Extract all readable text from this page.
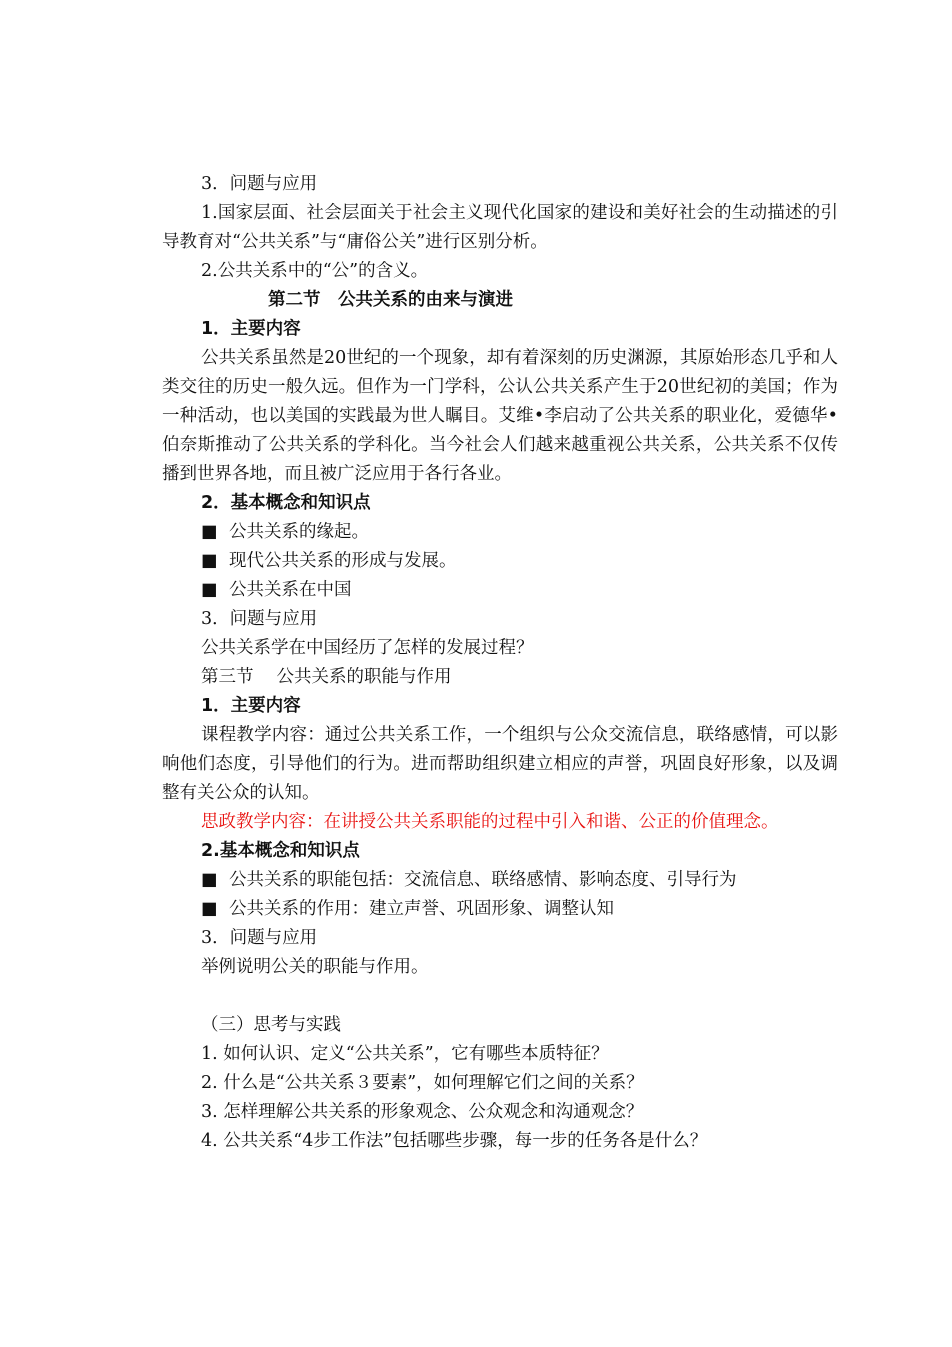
3．问题与应用

1.国家层面、社会层面关于社会主义现代化国家的建设和美好社会的生动描述的引导教育对“公共关系”与“庸俗公关”进行区别分析。

2.公共关系中的“公”的含义。

第二节　公共关系的由来与演进

1．主要内容

公共关系虽然是20世纪的一个现象，却有着深刻的历史渊源，其原始形态几乎和人类交往的历史一般久远。但作为一门学科，公认公共关系产生于20世纪初的美国；作为一种活动，也以美国的实践最为世人瞩目。艾维•李启动了公共关系的职业化，爱德华•伯奈斯推动了公共关系的学科化。当今社会人们越来越重视公共关系，公共关系不仅传播到世界各地，而且被广泛应用于各行各业。

2．基本概念和知识点

■ 公共关系的缘起。

■ 现代公共关系的形成与发展。

■ 公共关系在中国

3．问题与应用

公共关系学在中国经历了怎样的发展过程？

第三节　 公共关系的职能与作用

1．主要内容

课程教学内容：通过公共关系工作，一个组织与公众交流信息，联络感情，可以影响他们态度，引导他们的行为。进而帮助组织建立相应的声誉，巩固良好形象，以及调整有关公众的认知。

思政教学内容：在讲授公共关系职能的过程中引入和谐、公正的价值理念。

2.基本概念和知识点

■ 公共关系的职能包括：交流信息、联络感情、影响态度、引导行为

■ 公共关系的作用：建立声誉、巩固形象、调整认知

3．问题与应用

举例说明公关的职能与作用。

（三）思考与实践

1. 如何认识、定义“公共关系”，它有哪些本质特征？

2. 什么是“公共关系３要素”，如何理解它们之间的关系？

3. 怎样理解公共关系的形象观念、公众观念和沟通观念？

4. 公共关系“4步工作法”包括哪些步骤，每一步的任务各是什么？
